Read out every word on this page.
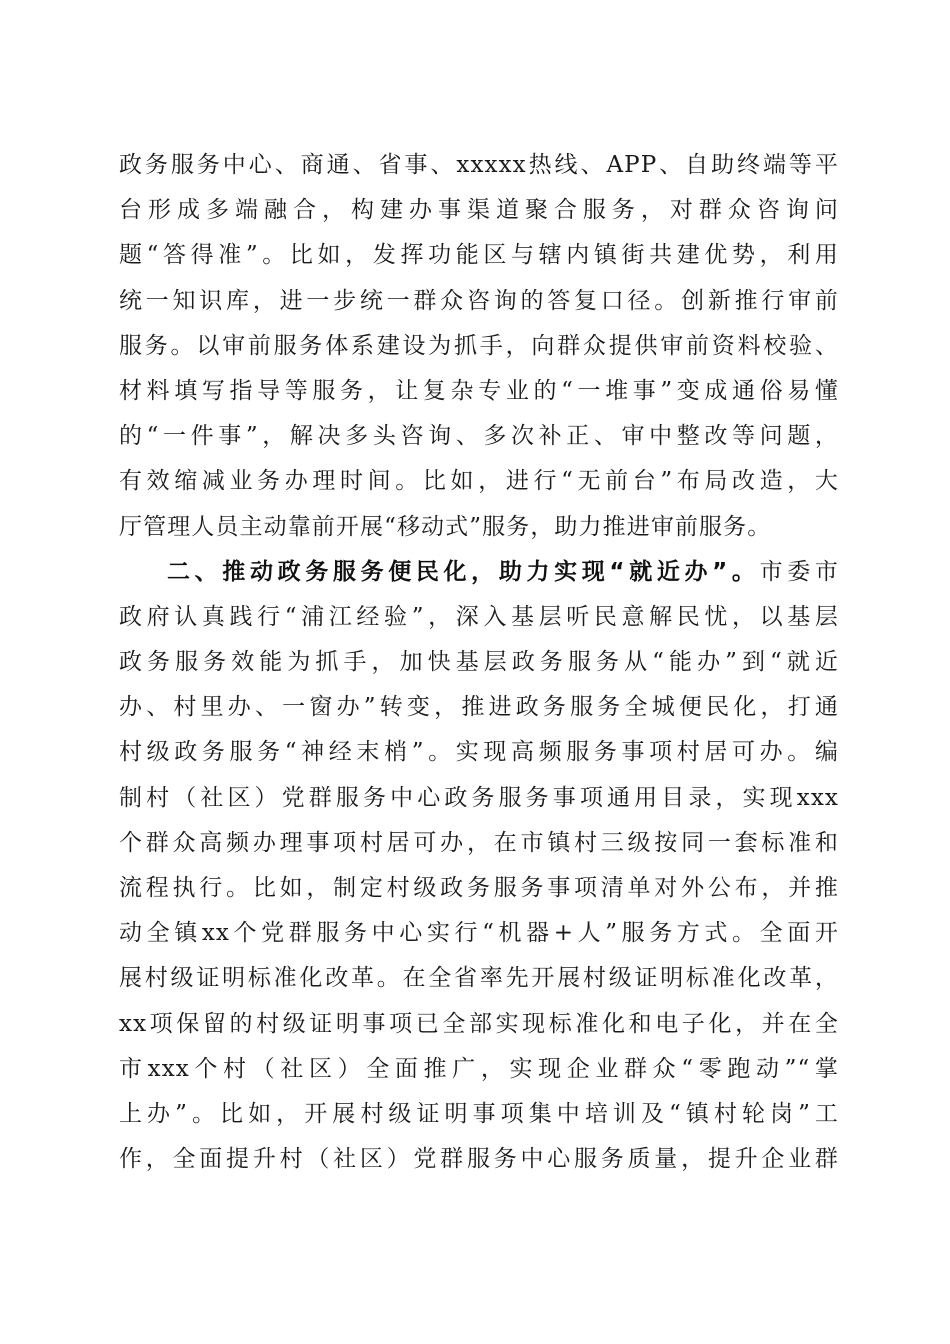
政务服务中心、商通、省事、xxxxx热线、APP、自助终端等平
台形成多端融合，构建办事渠道聚合服务，对群众咨询问
题“答得准”。比如，发挥功能区与辖内镇街共建优势，利用
统一知识库，进一步统一群众咨询的答复口径。创新推行审前
服务。以审前服务体系建设为抓手，向群众提供审前资料校验、
材料填写指导等服务，让复杂专业的“一堆事”变成通俗易懂
的“一件事”，解决多头咨询、多次补正、审中整改等问题，
有效缩减业务办理时间。比如，进行“无前台”布局改造，大
厅管理人员主动靠前开展“移动式”服务，助力推进审前服务。
二、推动政务服务便民化，助力实现“就近办”。市委市
政府认真践行“浦江经验”，深入基层听民意解民忧，以基层
政务服务效能为抓手，加快基层政务服务从“能办”到“就近
办、村里办、一窗办”转变，推进政务服务全城便民化，打通
村级政务服务“神经末梢”。实现高频服务事项村居可办。编
制村（社区）党群服务中心政务服务事项通用目录，实现xxx
个群众高频办理事项村居可办，在市镇村三级按同一套标准和
流程执行。比如，制定村级政务服务事项清单对外公布，并推
动全镇xx个党群服务中心实行“机器+人”服务方式。全面开
展村级证明标准化改革。在全省率先开展村级证明标准化改革，
xx项保留的村级证明事项已全部实现标准化和电子化，并在全
市xxx个村（社区）全面推广，实现企业群众“零跑动”“掌
上办”。比如，开展村级证明事项集中培训及“镇村轮岗”工
作，全面提升村（社区）党群服务中心服务质量，提升企业群
